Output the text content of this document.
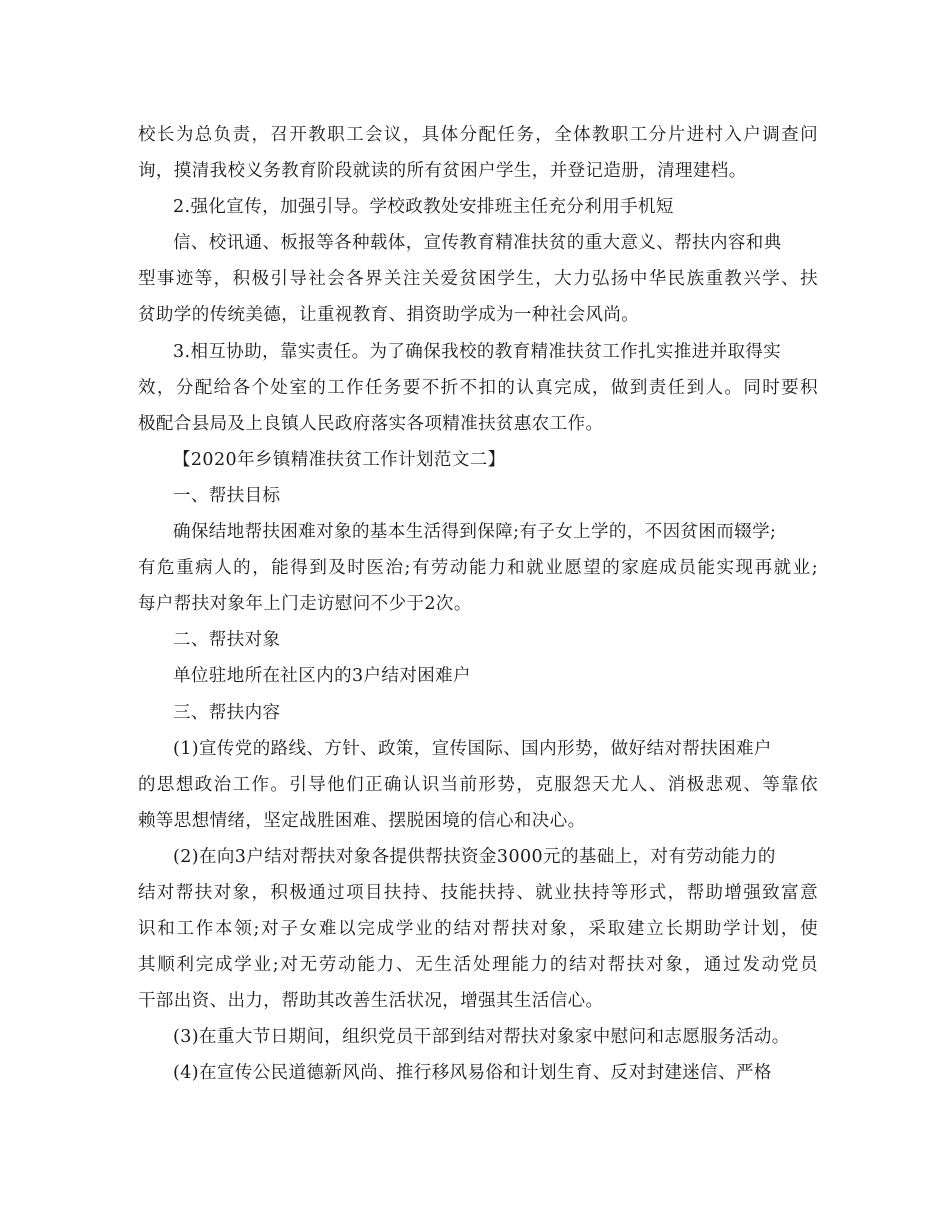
校长为总负责，召开教职工会议，具体分配任务，全体教职工分片进村入户调查问
询，摸清我校义务教育阶段就读的所有贫困户学生，并登记造册，清理建档。
2.强化宣传，加强引导。学校政教处安排班主任充分利用手机短
信、校讯通、板报等各种载体，宣传教育精准扶贫的重大意义、帮扶内容和典
型事迹等，积极引导社会各界关注关爱贫困学生，大力弘扬中华民族重教兴学、扶
贫助学的传统美德，让重视教育、捐资助学成为一种社会风尚。
3.相互协助，靠实责任。为了确保我校的教育精准扶贫工作扎实推进并取得实
效，分配给各个处室的工作任务要不折不扣的认真完成，做到责任到人。同时要积
极配合县局及上良镇人民政府落实各项精准扶贫惠农工作。
【2020年乡镇精准扶贫工作计划范文二】
一、帮扶目标
确保结地帮扶困难对象的基本生活得到保障;有子女上学的，不因贫困而辍学;
有危重病人的，能得到及时医治;有劳动能力和就业愿望的家庭成员能实现再就业;
每户帮扶对象年上门走访慰问不少于2次。
二、帮扶对象
单位驻地所在社区内的3户结对困难户
三、帮扶内容
(1)宣传党的路线、方针、政策，宣传国际、国内形势，做好结对帮扶困难户
的思想政治工作。引导他们正确认识当前形势，克服怨天尤人、消极悲观、等靠依
赖等思想情绪，坚定战胜困难、摆脱困境的信心和决心。
(2)在向3户结对帮扶对象各提供帮扶资金3000元的基础上，对有劳动能力的
结对帮扶对象，积极通过项目扶持、技能扶持、就业扶持等形式，帮助增强致富意
识和工作本领;对子女难以完成学业的结对帮扶对象，采取建立长期助学计划，使
其顺利完成学业;对无劳动能力、无生活处理能力的结对帮扶对象，通过发动党员
干部出资、出力，帮助其改善生活状况，增强其生活信心。
(3)在重大节日期间，组织党员干部到结对帮扶对象家中慰问和志愿服务活动。
(4)在宣传公民道德新风尚、推行移风易俗和计划生育、反对封建迷信、严格
